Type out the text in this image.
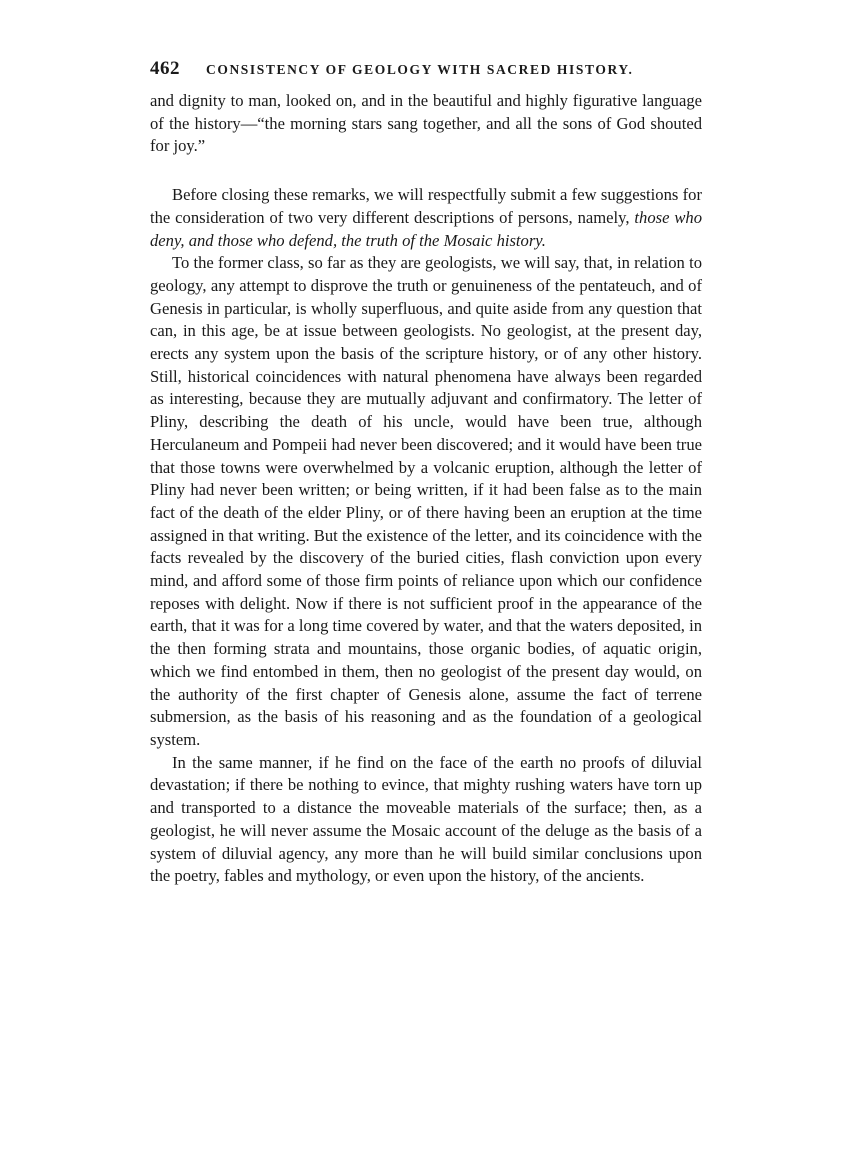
462 CONSISTENCY OF GEOLOGY WITH SACRED HISTORY.

and dignity to man, looked on, and in the beautiful and highly figurative language of the history—“the morning stars sang together, and all the sons of God shouted for joy.”

Before closing these remarks, we will respectfully submit a few suggestions for the consideration of two very different descriptions of persons, namely, those who deny, and those who defend, the truth of the Mosaic history.

To the former class, so far as they are geologists, we will say, that, in relation to geology, any attempt to disprove the truth or genuineness of the pentateuch, and of Genesis in particular, is wholly superfluous, and quite aside from any question that can, in this age, be at issue between geologists. No geologist, at the present day, erects any system upon the basis of the scripture history, or of any other history. Still, historical coincidences with natural phenomena have always been regarded as interesting, because they are mutually adjuvant and confirmatory. The letter of Pliny, describing the death of his uncle, would have been true, although Herculaneum and Pompeii had never been discovered; and it would have been true that those towns were overwhelmed by a volcanic eruption, although the letter of Pliny had never been written; or being written, if it had been false as to the main fact of the death of the elder Pliny, or of there having been an eruption at the time assigned in that writing. But the existence of the letter, and its coincidence with the facts revealed by the discovery of the buried cities, flash conviction upon every mind, and afford some of those firm points of reliance upon which our confidence reposes with delight. Now if there is not sufficient proof in the appearance of the earth, that it was for a long time covered by water, and that the waters deposited, in the then forming strata and mountains, those organic bodies, of aquatic origin, which we find entombed in them, then no geologist of the present day would, on the authority of the first chapter of Genesis alone, assume the fact of terrene submersion, as the basis of his reasoning and as the foundation of a geological system.

In the same manner, if he find on the face of the earth no proofs of diluvial devastation; if there be nothing to evince, that mighty rushing waters have torn up and transported to a distance the moveable materials of the surface; then, as a geologist, he will never assume the Mosaic account of the deluge as the basis of a system of diluvial agency, any more than he will build similar conclusions upon the poetry, fables and mythology, or even upon the history, of the ancients.
